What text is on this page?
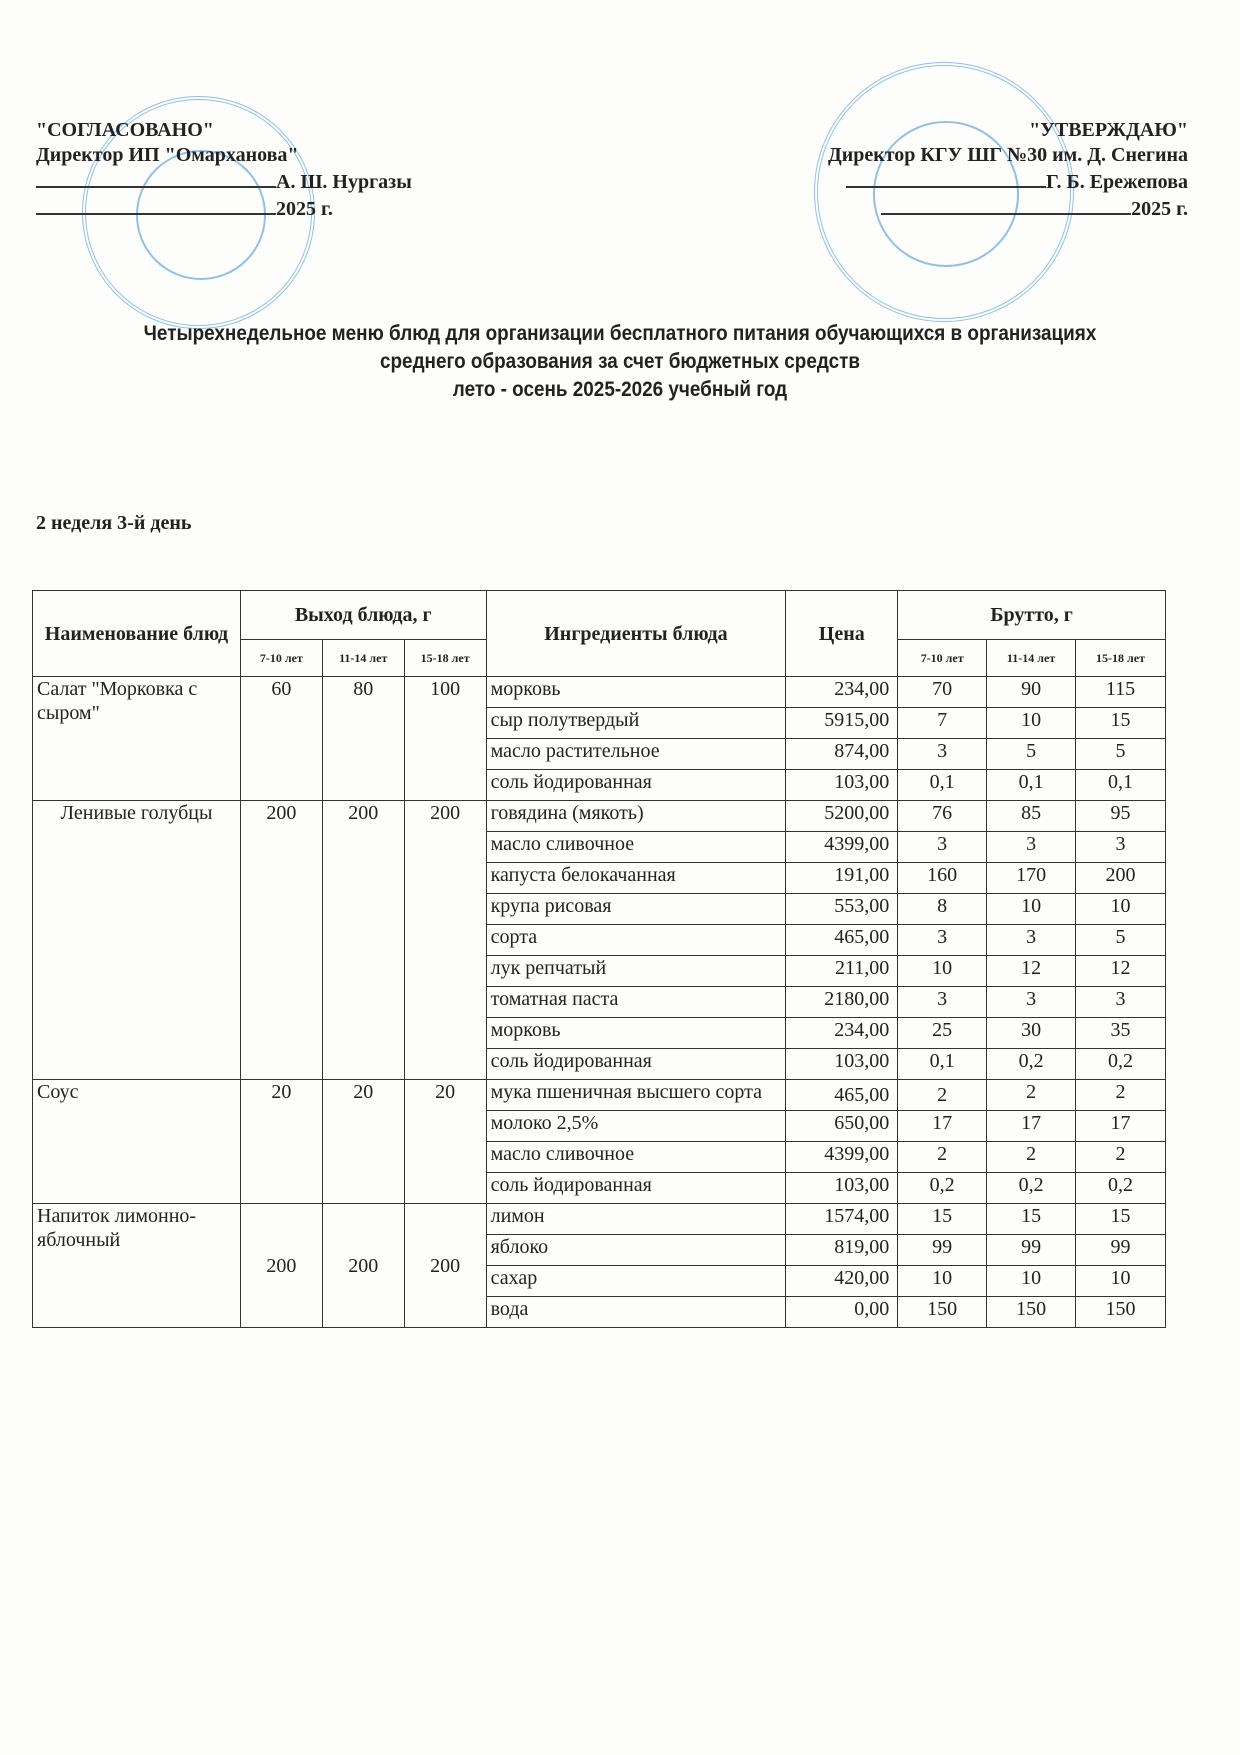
"СОГЛАСОВАНО"
Директор ИП "Омарханова"
А. Ш. Нургазы
2025 г.
"УТВЕРЖДАЮ"
Директор КГУ ШГ №30 им. Д. Снегина
Г. Б. Ережепова
2025 г.
Четырехнедельное меню блюд для организации бесплатного питания обучающихся в организациях
среднего образования за счет бюджетных средств
лето - осень 2025-2026 учебный год
2 неделя 3-й день
Наименование блюд	Выход блюда, г			Ингредиенты блюда	Цена	Брутто, г		
	7-10 лет	11-14 лет	15-18 лет			7-10 лет	11-14 лет	15-18 лет
Салат "Морковка с сыром"	60	80	100	морковь	234,00	70	90	115
				сыр полутвердый	5915,00	7	10	15
				масло растительное	874,00	3	5	5
				соль йодированная	103,00	0,1	0,1	0,1
Ленивые голубцы	200	200	200	говядина (мякоть)	5200,00	76	85	95
				масло сливочное	4399,00	3	3	3
				капуста белокачанная	191,00	160	170	200
				крупа рисовая	553,00	8	10	10
				сорта	465,00	3	3	5
				лук репчатый	211,00	10	12	12
				томатная паста	2180,00	3	3	3
				морковь	234,00	25	30	35
				соль йодированная	103,00	0,1	0,2	0,2
Соус	20	20	20	мука пшеничная высшего сорта	465,00	2	2	2
				молоко 2,5%	650,00	17	17	17
				масло сливочное	4399,00	2	2	2
				соль йодированная	103,00	0,2	0,2	0,2
Напиток лимонно-яблочный	200	200	200	лимон	1574,00	15	15	15
				яблоко	819,00	99	99	99
				сахар	420,00	10	10	10
				вода	0,00	150	150	150
